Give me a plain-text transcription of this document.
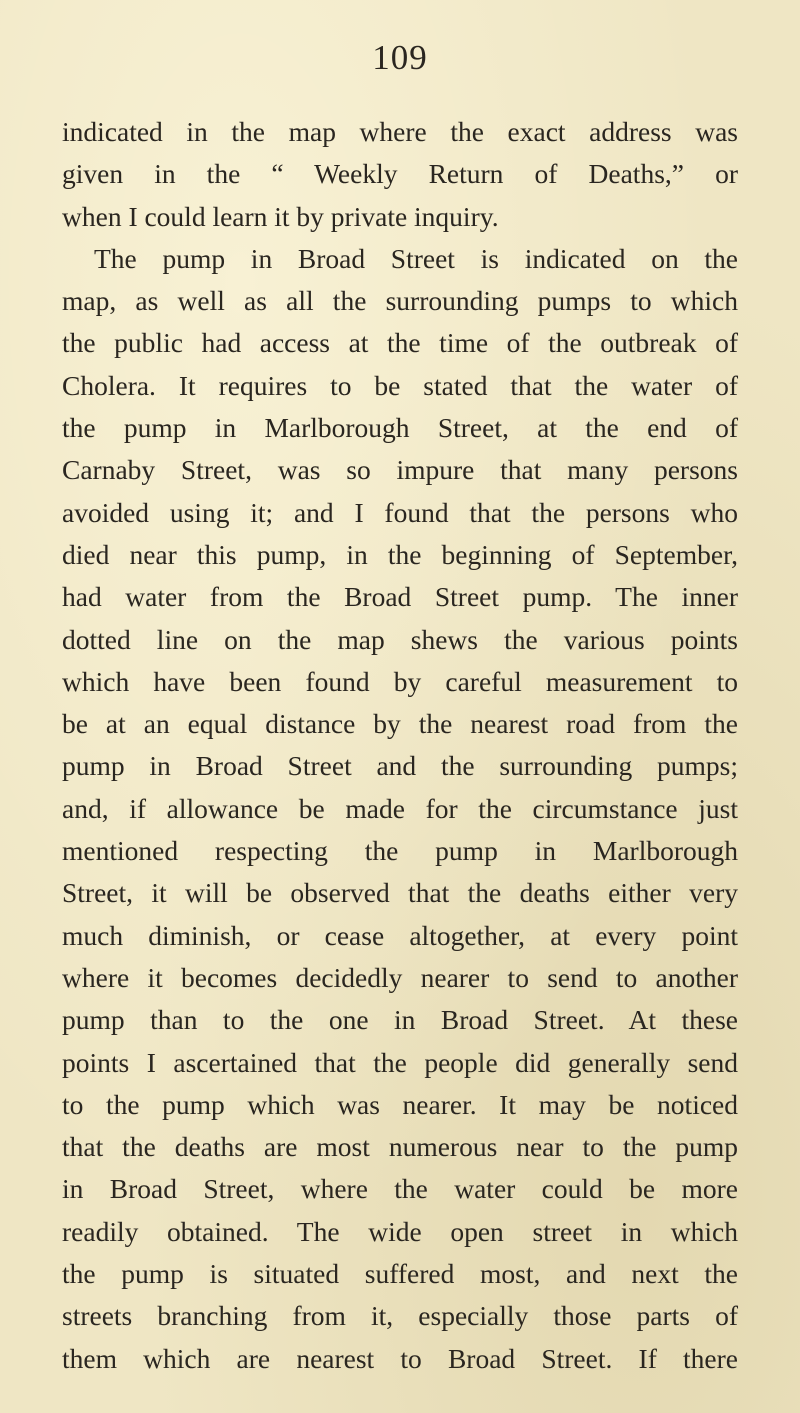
109
indicated in the map where the exact address was
given in the “ Weekly Return of Deaths,” or
when I could learn it by private inquiry.
The pump in Broad Street is indicated on the
map, as well as all the surrounding pumps to which
the public had access at the time of the outbreak of
Cholera. It requires to be stated that the water of
the pump in Marlborough Street, at the end of
Carnaby Street, was so impure that many persons
avoided using it; and I found that the persons who
died near this pump, in the beginning of September,
had water from the Broad Street pump. The inner
dotted line on the map shews the various points
which have been found by careful measurement to
be at an equal distance by the nearest road from the
pump in Broad Street and the surrounding pumps;
and, if allowance be made for the circumstance just
mentioned respecting the pump in Marlborough
Street, it will be observed that the deaths either very
much diminish, or cease altogether, at every point
where it becomes decidedly nearer to send to another
pump than to the one in Broad Street. At these
points I ascertained that the people did generally send
to the pump which was nearer. It may be noticed
that the deaths are most numerous near to the pump
in Broad Street, where the water could be more
readily obtained. The wide open street in which
the pump is situated suffered most, and next the
streets branching from it, especially those parts of
them which are nearest to Broad Street. If there
